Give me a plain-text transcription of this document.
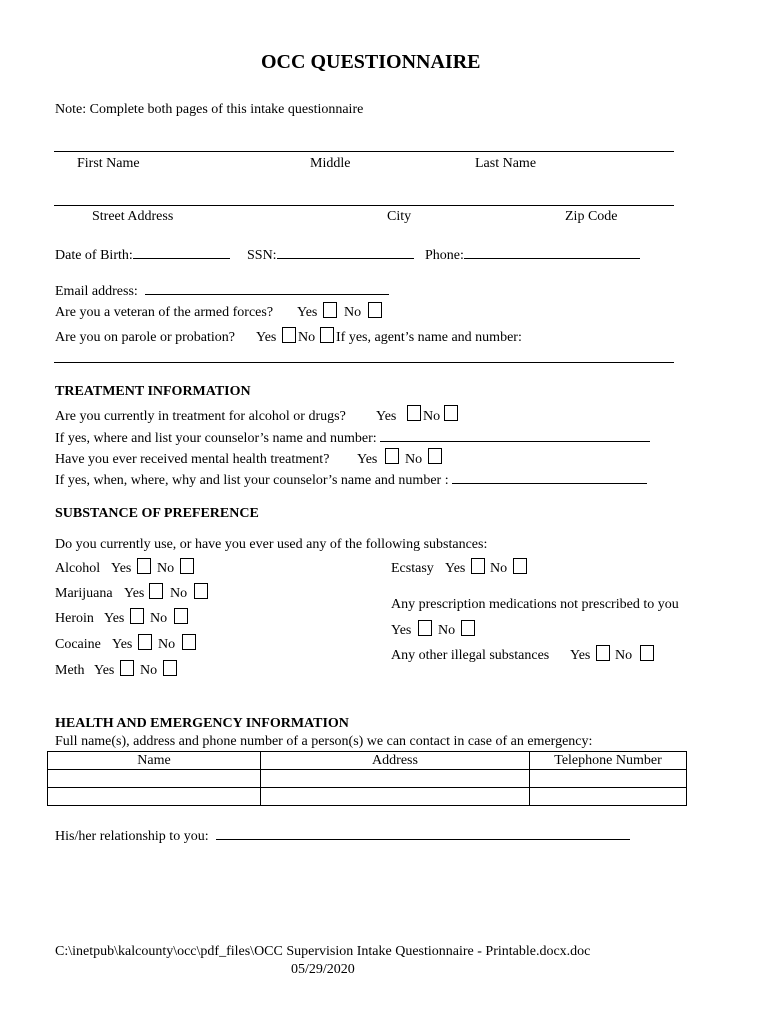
OCC QUESTIONNAIRE
Note: Complete both pages of this intake questionnaire
First Name	Middle	Last Name
Street Address	City	Zip Code
Date of Birth:	SSN:	Phone:
Email address:
Are you a veteran of the armed forces? Yes No
Are you on parole or probation? Yes No If yes, agent’s name and number:
TREATMENT INFORMATION
Are you currently in treatment for alcohol or drugs? Yes No
If yes, where and list your counselor’s name and number:
Have you ever received mental health treatment? Yes No
If yes, when, where, why and list your counselor’s name and number :
SUBSTANCE OF PREFERENCE
Do you currently use, or have you ever used any of the following substances:
Alcohol Yes No
Marijuana Yes No
Heroin Yes No
Cocaine Yes No
Meth Yes No
Ecstasy Yes No
Any prescription medications not prescribed to you
Yes No
Any other illegal substances Yes No
HEALTH AND EMERGENCY INFORMATION
Full name(s), address and phone number of a person(s) we can contact in case of an emergency:
Name	Address	Telephone Number

His/her relationship to you:
C:\inetpub\kalcounty\occ\pdf_files\OCC Supervision Intake Questionnaire - Printable.docx.doc
05/29/2020
